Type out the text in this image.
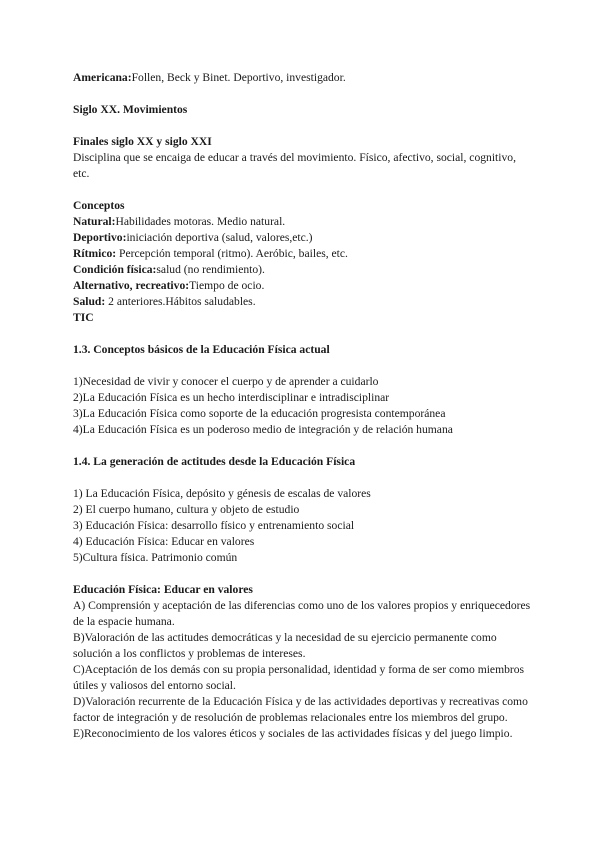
Americana:Follen, Beck y Binet. Deportivo, investigador.
Siglo XX. Movimientos
Finales siglo XX y siglo XXI
Disciplina que se encaiga de educar a través del movimiento. Físico, afectivo, social, cognitivo, etc.
Conceptos
Natural:Habilidades motoras. Medio natural.
Deportivo:iniciación deportiva (salud, valores,etc.)
Rítmico: Percepción temporal (ritmo). Aeróbic, bailes, etc.
Condición física:salud (no rendimiento).
Alternativo, recreativo:Tiempo de ocio.
Salud: 2 anteriores.Hábitos saludables.
TIC
1.3. Conceptos básicos de la Educación Física actual
1)Necesidad de vivir y conocer el cuerpo y de aprender a cuidarlo
2)La Educación Física es un hecho interdisciplinar e intradisciplinar
3)La Educación Física como soporte de la educación progresista contemporánea
4)La Educación Física es un poderoso medio de integración y de relación humana
1.4. La generación de actitudes desde la Educación Física
1) La Educación Física, depósito y génesis de escalas de valores
2) El cuerpo humano, cultura y objeto de estudio
3) Educación Física: desarrollo físico y entrenamiento social
4) Educación Física: Educar en valores
5)Cultura física. Patrimonio común
Educación Física: Educar en valores
A) Comprensión y aceptación de las diferencias como uno de los valores propios y enriquecedores de la espacie humana.
B)Valoración de las actitudes democráticas y la necesidad de su ejercicio permanente como solución a los conflictos y problemas de intereses.
C)Aceptación de los demás con su propia personalidad, identidad y forma de ser como miembros útiles y valiosos del entorno social.
D)Valoración recurrente de la Educación Física y de las actividades deportivas y recreativas como factor de integración y de resolución de problemas relacionales entre los miembros del grupo.
E)Reconocimiento de los valores éticos y sociales de las actividades físicas y del juego limpio.
